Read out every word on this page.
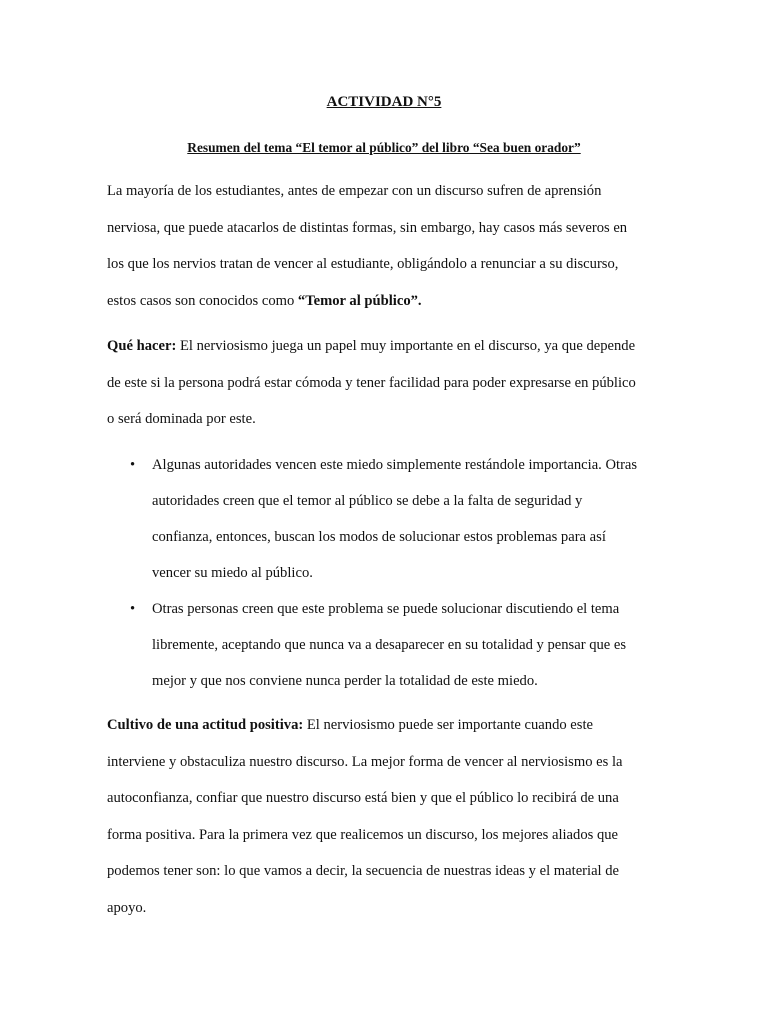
ACTIVIDAD N°5
Resumen del tema “El temor al público” del libro “Sea buen orador”

La mayoría de los estudiantes, antes de empezar con un discurso sufren de aprensión
nerviosa, que puede atacarlos de distintas formas, sin embargo, hay casos más severos en
los que los nervios tratan de vencer al estudiante, obligándolo a renunciar a su discurso,
estos casos son conocidos como “Temor al público”.

Qué hacer: El nerviosismo juega un papel muy importante en el discurso, ya que depende
de este si la persona podrá estar cómoda y tener facilidad para poder expresarse en público
o será dominada por este.

• Algunas autoridades vencen este miedo simplemente restándole importancia. Otras
autoridades creen que el temor al público se debe a la falta de seguridad y
confianza, entonces, buscan los modos de solucionar estos problemas para así
vencer su miedo al público.
• Otras personas creen que este problema se puede solucionar discutiendo el tema
libremente, aceptando que nunca va a desaparecer en su totalidad y pensar que es
mejor y que nos conviene nunca perder la totalidad de este miedo.

Cultivo de una actitud positiva: El nerviosismo puede ser importante cuando este
interviene y obstaculiza nuestro discurso. La mejor forma de vencer al nerviosismo es la
autoconfianza, confiar que nuestro discurso está bien y que el público lo recibirá de una
forma positiva. Para la primera vez que realicemos un discurso, los mejores aliados que
podemos tener son: lo que vamos a decir, la secuencia de nuestras ideas y el material de
apoyo.
